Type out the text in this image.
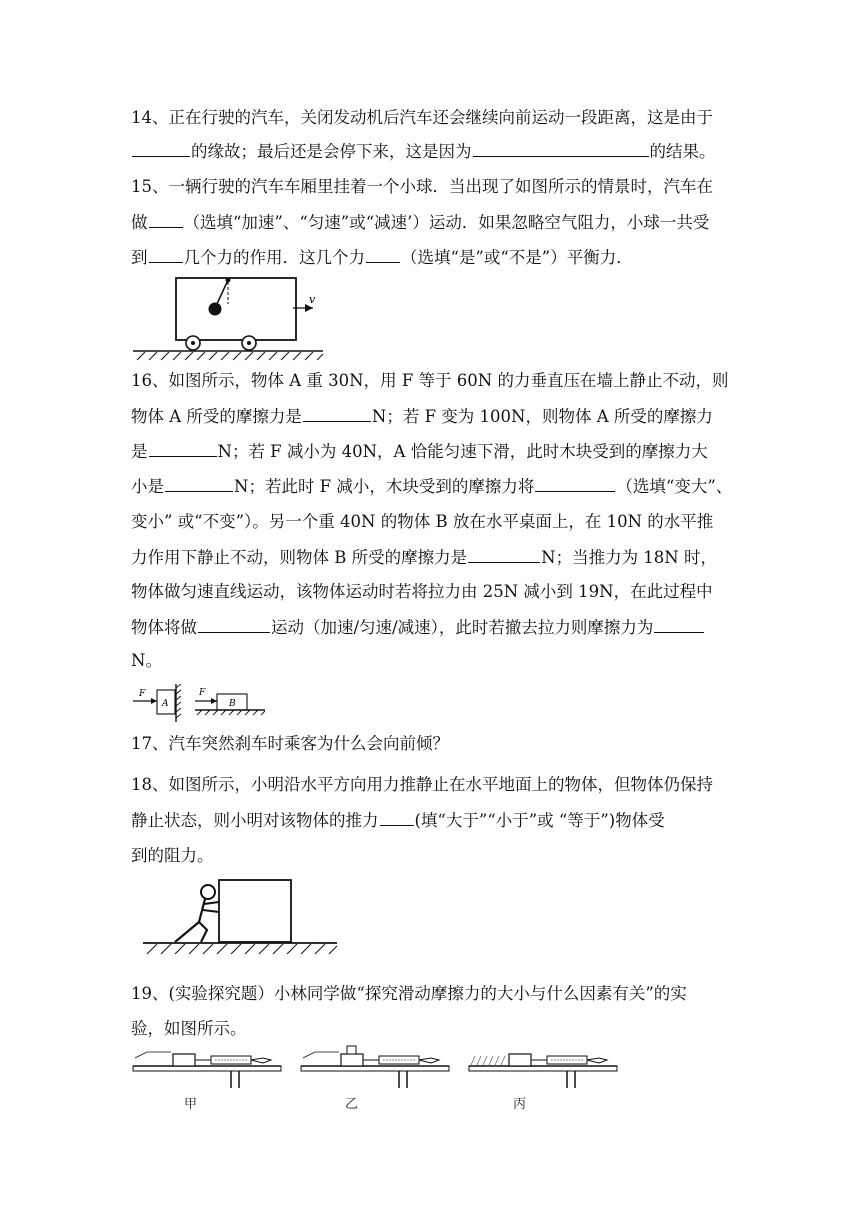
14、正在行驶的汽车，关闭发动机后汽车还会继续向前运动一段距离，这是由于
的缘故；最后还是会停下来，这是因为	的结果。
15、一辆行驶的汽车车厢里挂着一个小球．当出现了如图所示的情景时，汽车在
做 （选填“加速”、“匀速”或“减速’）运动．如果忽略空气阻力，小球一共受
到 几个力的作用．这几个力 （选填“是”或“不是”）平衡力．
v
16、如图所示，物体 A 重 30N，用 F 等于 60N 的力垂直压在墙上静止不动，则
物体 A 所受的摩擦力是	N；若 F 变为 100N，则物体 A 所受的摩擦力
是	N；若 F 减小为 40N，A 恰能匀速下滑，此时木块受到的摩擦力大
小是	N；若此时 F 减小，木块受到的摩擦力将	（选填“变大”、
变小” 或“不变”）。另一个重 40N 的物体 B 放在水平桌面上，在 10N 的水平推
力作用下静止不动，则物体 B 所受的摩擦力是	N；当推力为 18N 时，
物体做匀速直线运动，该物体运动时若将拉力由 25N 减小到 19N，在此过程中
物体将做	运动（加速/匀速/减速），此时若撤去拉力则摩擦力为
N。
F
A
F
B
17、汽车突然刹车时乘客为什么会向前倾？
18、如图所示，小明沿水平方向用力推静止在水平地面上的物体，但物体仍保持
静止状态，则小明对该物体的推力 (填“大于”“小于”或 “等于”)物体受
到的阻力。
19、(实验探究题）小林同学做“探究滑动摩擦力的大小与什么因素有关”的实
验，如图所示。
甲	乙	丙
